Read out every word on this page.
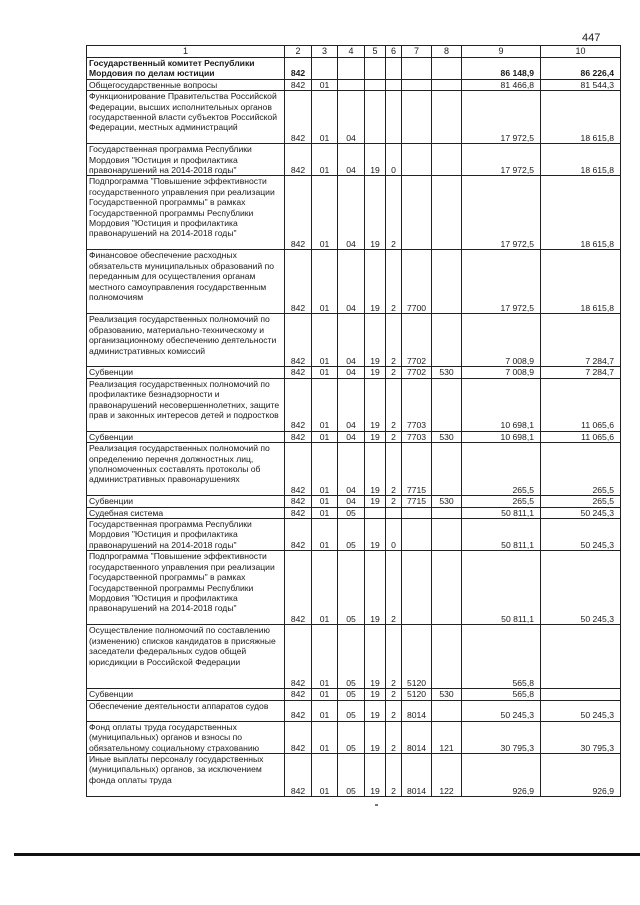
447
1	2	3	4	5	6	7	8	9	10
Государственный комитет Республики Мордовия по делам юстиции	842							86 148,9	86 226,4
Общегосударственные вопросы	842	01						81 466,8	81 544,3
Функционирование Правительства Российской Федерации, высших исполнительных органов государственной власти субъектов Российской Федерации, местных администраций	842	01	04					17 972,5	18 615,8
Государственная программа Республики Мордовия "Юстиция и профилактика правонарушений на 2014-2018 годы"	842	01	04	19	0			17 972,5	18 615,8
Подпрограмма "Повышение эффективности государственного управления при реализации Государственной программы" в рамках Государственной программы Республики Мордовия "Юстиция и профилактика правонарушений на 2014-2018 годы"	842	01	04	19	2			17 972,5	18 615,8
Финансовое обеспечение расходных обязательств муниципальных образований по переданным для осуществления органам местного самоуправления государственным полномочиям	842	01	04	19	2	7700		17 972,5	18 615,8
Реализация государственных полномочий по образованию, материально-техническому и организационному обеспечению деятельности административных комиссий	842	01	04	19	2	7702		7 008,9	7 284,7
Субвенции	842	01	04	19	2	7702	530	7 008,9	7 284,7
Реализация государственных полномочий по профилактике безнадзорности и правонарушений несовершеннолетних, защите прав и законных интересов детей и подростков	842	01	04	19	2	7703		10 698,1	11 065,6
Субвенции	842	01	04	19	2	7703	530	10 698,1	11 065,6
Реализация государственных полномочий по определению перечня должностных лиц, уполномоченных составлять протоколы об административных правонарушениях	842	01	04	19	2	7715		265,5	265,5
Субвенции	842	01	04	19	2	7715	530	265,5	265,5
Судебная система	842	01	05					50 811,1	50 245,3
Государственная программа Республики Мордовия "Юстиция и профилактика правонарушений на 2014-2018 годы"	842	01	05	19	0			50 811,1	50 245,3
Подпрограмма "Повышение эффективности государственного управления при реализации Государственной программы" в рамках Государственной программы Республики Мордовия "Юстиция и профилактика правонарушений на 2014-2018 годы"	842	01	05	19	2			50 811,1	50 245,3
Осуществление полномочий по составлению (изменению) списков кандидатов в присяжные заседатели федеральных судов общей юрисдикции в Российской Федерации	842	01	05	19	2	5120		565,8	
Субвенции	842	01	05	19	2	5120	530	565,8	
Обеспечение деятельности аппаратов судов	842	01	05	19	2	8014		50 245,3	50 245,3
Фонд оплаты труда государственных (муниципальных) органов и взносы по обязательному социальному страхованию	842	01	05	19	2	8014	121	30 795,3	30 795,3
Иные выплаты персоналу государственных (муниципальных) органов, за исключением фонда оплаты труда	842	01	05	19	2	8014	122	926,9	926,9
